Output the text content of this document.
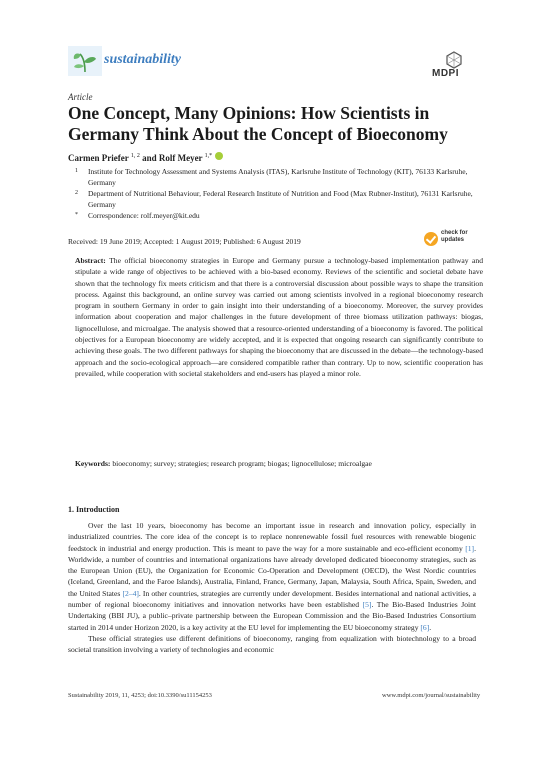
sustainability
MDPI
Article
One Concept, Many Opinions: How Scientists in Germany Think About the Concept of Bioeconomy
Carmen Priefer $^{1, 2}$ and Rolf Meyer $^{1,*}$
1 Institute for Technology Assessment and Systems Analysis (ITAS), Karlsruhe Institute of Technology (KIT), 76133 Karlsruhe, Germany
2 Department of Nutritional Behaviour, Federal Research Institute of Nutrition and Food (Max Rubner-Institut), 76131 Karlsruhe, Germany
* Correspondence: rolf.meyer@kit.edu
Received: 19 June 2019; Accepted: 1 August 2019; Published: 6 August 2019
check for
updates
Abstract: The official bioeconomy strategies in Europe and Germany pursue a technology-based implementation pathway and stipulate a wide range of objectives to be achieved with a bio-based economy. Reviews of the scientific and societal debate have shown that the technology fix meets criticism and that there is a controversial discussion about possible ways to shape the transition process. Against this background, an online survey was carried out among scientists involved in a regional bioeconomy research program in southern Germany in order to gain insight into their understanding of a bioeconomy. Moreover, the survey provides information about cooperation and major challenges in the future development of three biomass utilization pathways: biogas, lignocellulose, and microalgae. The analysis showed that a resource-oriented understanding of a bioeconomy is favored. The political objectives for a European bioeconomy are widely accepted, and it is expected that ongoing research can significantly contribute to achieving these goals. The two different pathways for shaping the bioeconomy that are discussed in the debate—the technology-based approach and the socio-ecological approach—are considered compatible rather than contrary. Up to now, scientific cooperation has prevailed, while cooperation with societal stakeholders and end-users has played a minor role.
Keywords: bioeconomy; survey; strategies; research program; biogas; lignocellulose; microalgae
1. Introduction

Over the last 10 years, bioeconomy has become an important issue in research and innovation policy, especially in industrialized countries. The core idea of the concept is to replace nonrenewable fossil fuel resources with renewable biogenic feedstock in industrial and energy production. This is meant to pave the way for a more sustainable and eco-efficient economy [1]. Worldwide, a number of countries and international organizations have already developed dedicated bioeconomy strategies, such as the European Union (EU), the Organization for Economic Co-Operation and Development (OECD), the West Nordic countries (Iceland, Greenland, and the Faroe Islands), Australia, Finland, France, Germany, Japan, Malaysia, South Africa, Spain, Sweden, and the United States [2–4]. In other countries, strategies are currently under development. Besides international and national activities, a number of regional bioeconomy initiatives and innovation networks have been established [5]. The Bio-Based Industries Joint Undertaking (BBI JU), a public–private partnership between the European Commission and the Bio-Based Industries Consortium started in 2014 under Horizon 2020, is a key activity at the EU level for implementing the EU bioeconomy strategy [6].

These official strategies use different definitions of bioeconomy, ranging from equalization with biotechnology to a broad societal transition involving a variety of technologies and economic

Sustainability 2019, 11, 4253; doi:10.3390/su11154253	www.mdpi.com/journal/sustainability
